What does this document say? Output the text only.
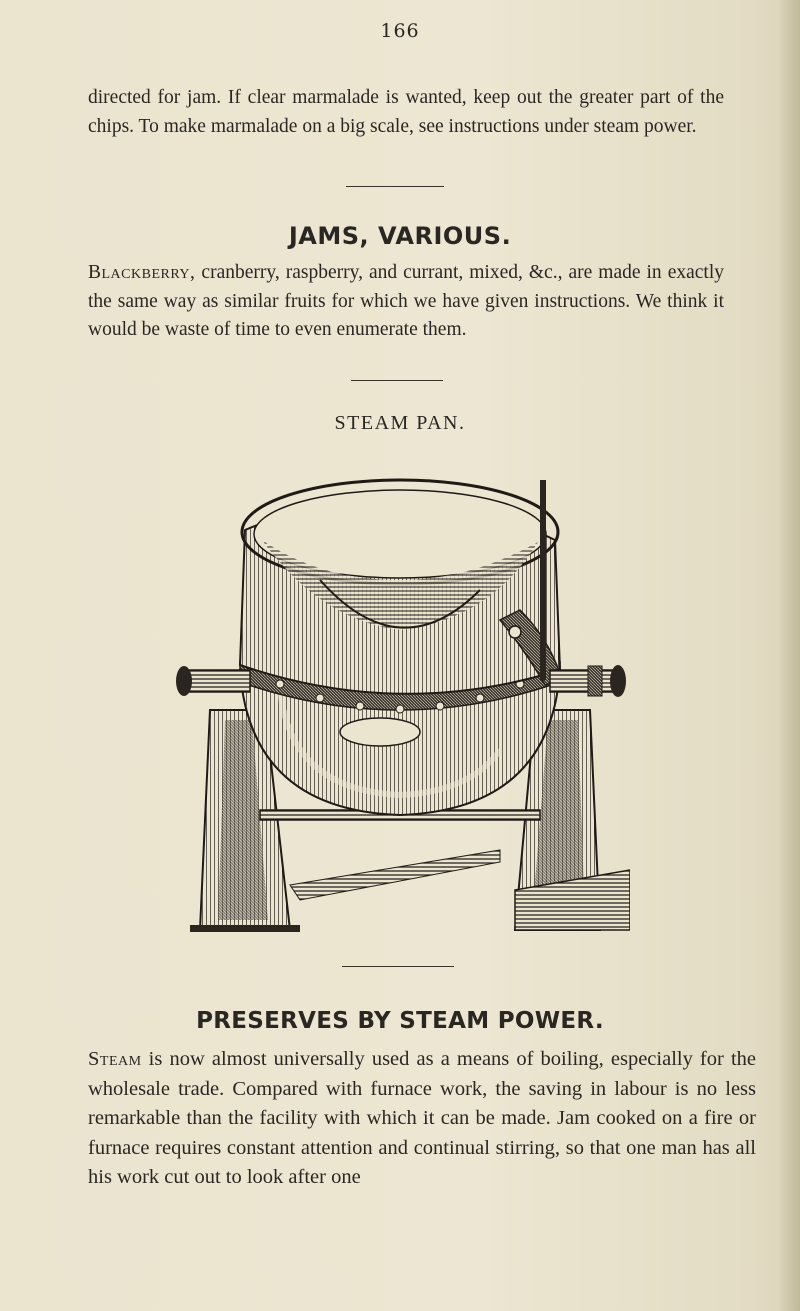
166

directed for jam. If clear marmalade is wanted, keep out the greater part of the chips. To make marmalade on a big scale, see instructions under steam power.

JAMS, VARIOUS.

Blackberry, cranberry, raspberry, and currant, mixed, &c., are made in exactly the same way as similar fruits for which we have given instructions. We think it would be waste of time to even enumerate them.

STEAM PAN.
PRESERVES BY STEAM POWER.

Steam is now almost universally used as a means of boiling, especially for the wholesale trade. Compared with furnace work, the saving in labour is no less remarkable than the facility with which it can be made. Jam cooked on a fire or furnace requires constant attention and continual stirring, so that one man has all his work cut out to look after one
